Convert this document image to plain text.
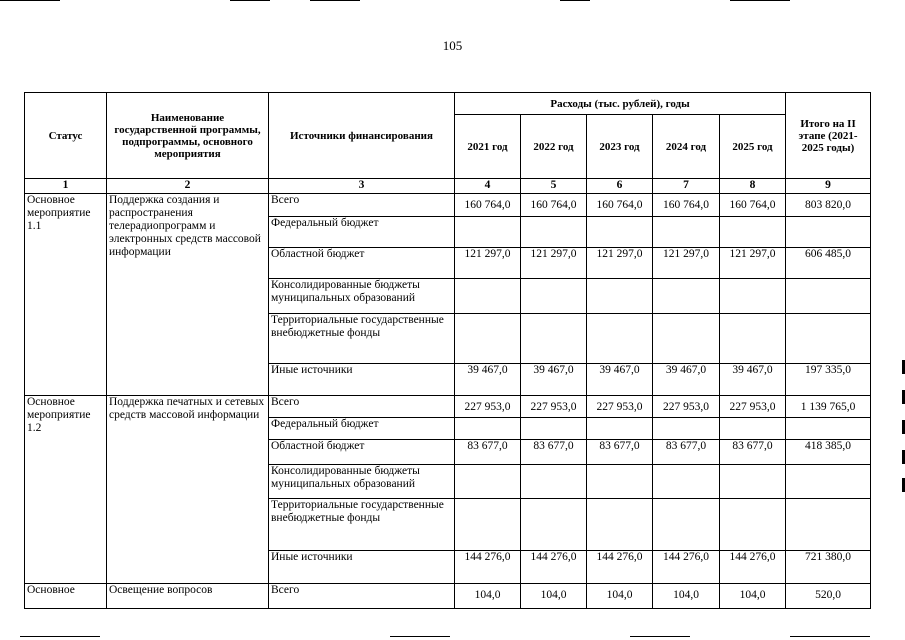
105
Статус	Наименование государственной программы, подпрограммы, основного мероприятия	Источники финансирования	Расходы (тыс. рублей), годы					Итого на II этапе (2021-2025 годы)
			2021 год	2022 год	2023 год	2024 год	2025 год	
1	2	3	4	5	6	7	8	9
Основное мероприятие 1.1	Поддержка создания и распространения телерадиопрограмм и электронных средств массовой информации	Всего	160 764,0	160 764,0	160 764,0	160 764,0	160 764,0	803 820,0
		Федеральный бюджет						
		Областной бюджет	121 297,0	121 297,0	121 297,0	121 297,0	121 297,0	606 485,0
		Консолидированные бюджеты муниципальных образований						
		Территориальные государственные внебюджетные фонды						
		Иные источники	39 467,0	39 467,0	39 467,0	39 467,0	39 467,0	197 335,0
Основное мероприятие 1.2	Поддержка печатных и сетевых средств массовой информации	Всего	227 953,0	227 953,0	227 953,0	227 953,0	227 953,0	1 139 765,0
		Федеральный бюджет						
		Областной бюджет	83 677,0	83 677,0	83 677,0	83 677,0	83 677,0	418 385,0
		Консолидированные бюджеты муниципальных образований						
		Территориальные государственные внебюджетные фонды						
		Иные источники	144 276,0	144 276,0	144 276,0	144 276,0	144 276,0	721 380,0
Основное	Освещение вопросов	Всего	104,0	104,0	104,0	104,0	104,0	520,0
